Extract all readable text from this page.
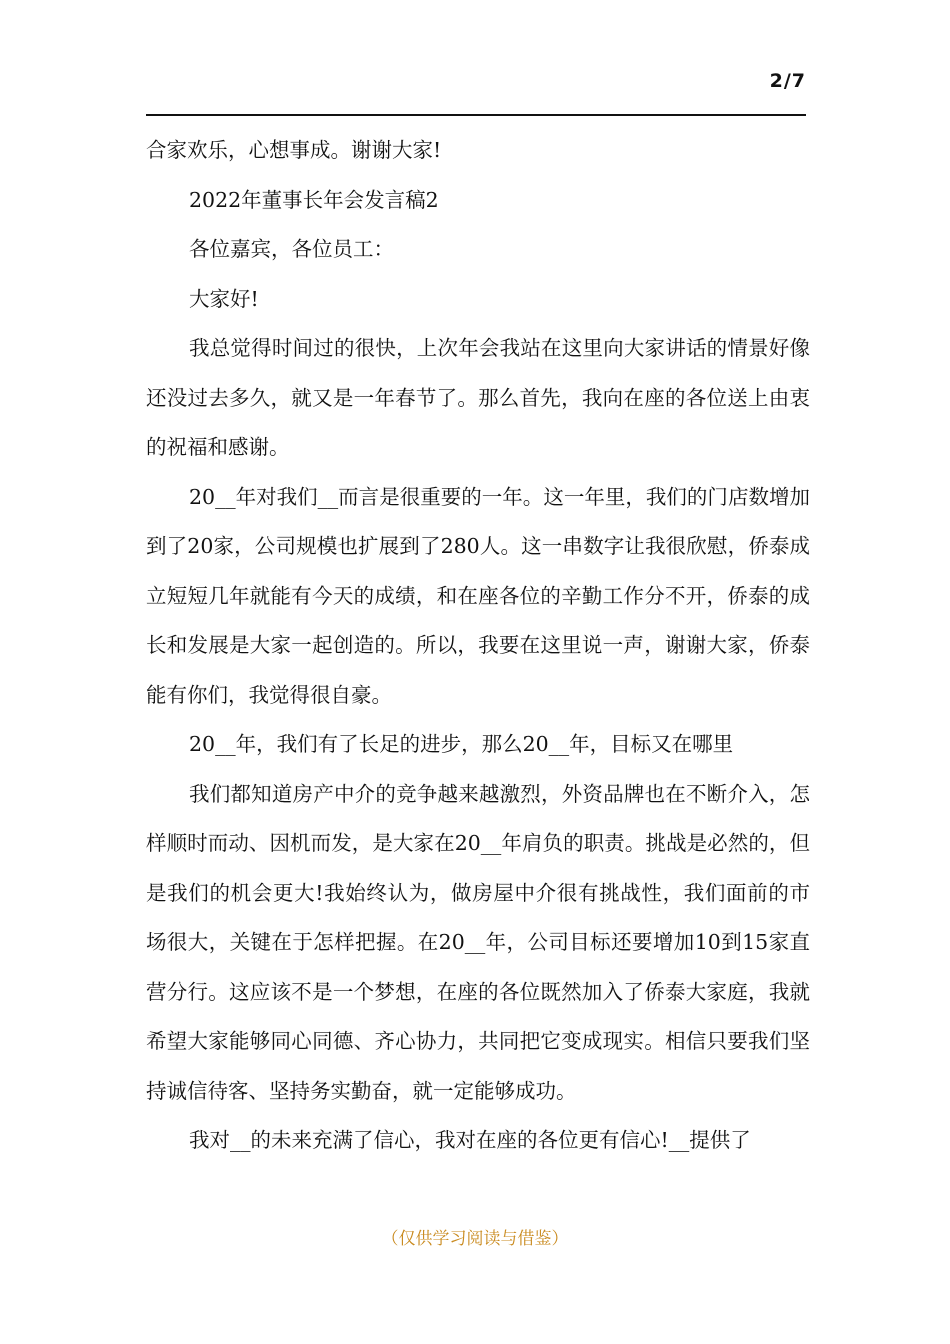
2/7

合家欢乐，心想事成。谢谢大家!

2022年董事长年会发言稿2

各位嘉宾，各位员工：

大家好!

我总觉得时间过的很快，上次年会我站在这里向大家讲话的情景好像还没过去多久，就又是一年春节了。那么首先，我向在座的各位送上由衷的祝福和感谢。

20__年对我们__而言是很重要的一年。这一年里，我们的门店数增加到了20家，公司规模也扩展到了280人。这一串数字让我很欣慰，侨泰成立短短几年就能有今天的成绩，和在座各位的辛勤工作分不开，侨泰的成长和发展是大家一起创造的。所以，我要在这里说一声，谢谢大家，侨泰能有你们，我觉得很自豪。

20__年，我们有了长足的进步，那么20__年，目标又在哪里

我们都知道房产中介的竞争越来越激烈，外资品牌也在不断介入，怎样顺时而动、因机而发，是大家在20__年肩负的职责。挑战是必然的，但是我们的机会更大!我始终认为，做房屋中介很有挑战性，我们面前的市场很大，关键在于怎样把握。在20__年，公司目标还要增加10到15家直营分行。这应该不是一个梦想，在座的各位既然加入了侨泰大家庭，我就希望大家能够同心同德、齐心协力，共同把它变成现实。相信只要我们坚持诚信待客、坚持务实勤奋，就一定能够成功。

我对__的未来充满了信心，我对在座的各位更有信心!__提供了

（仅供学习阅读与借鉴）
